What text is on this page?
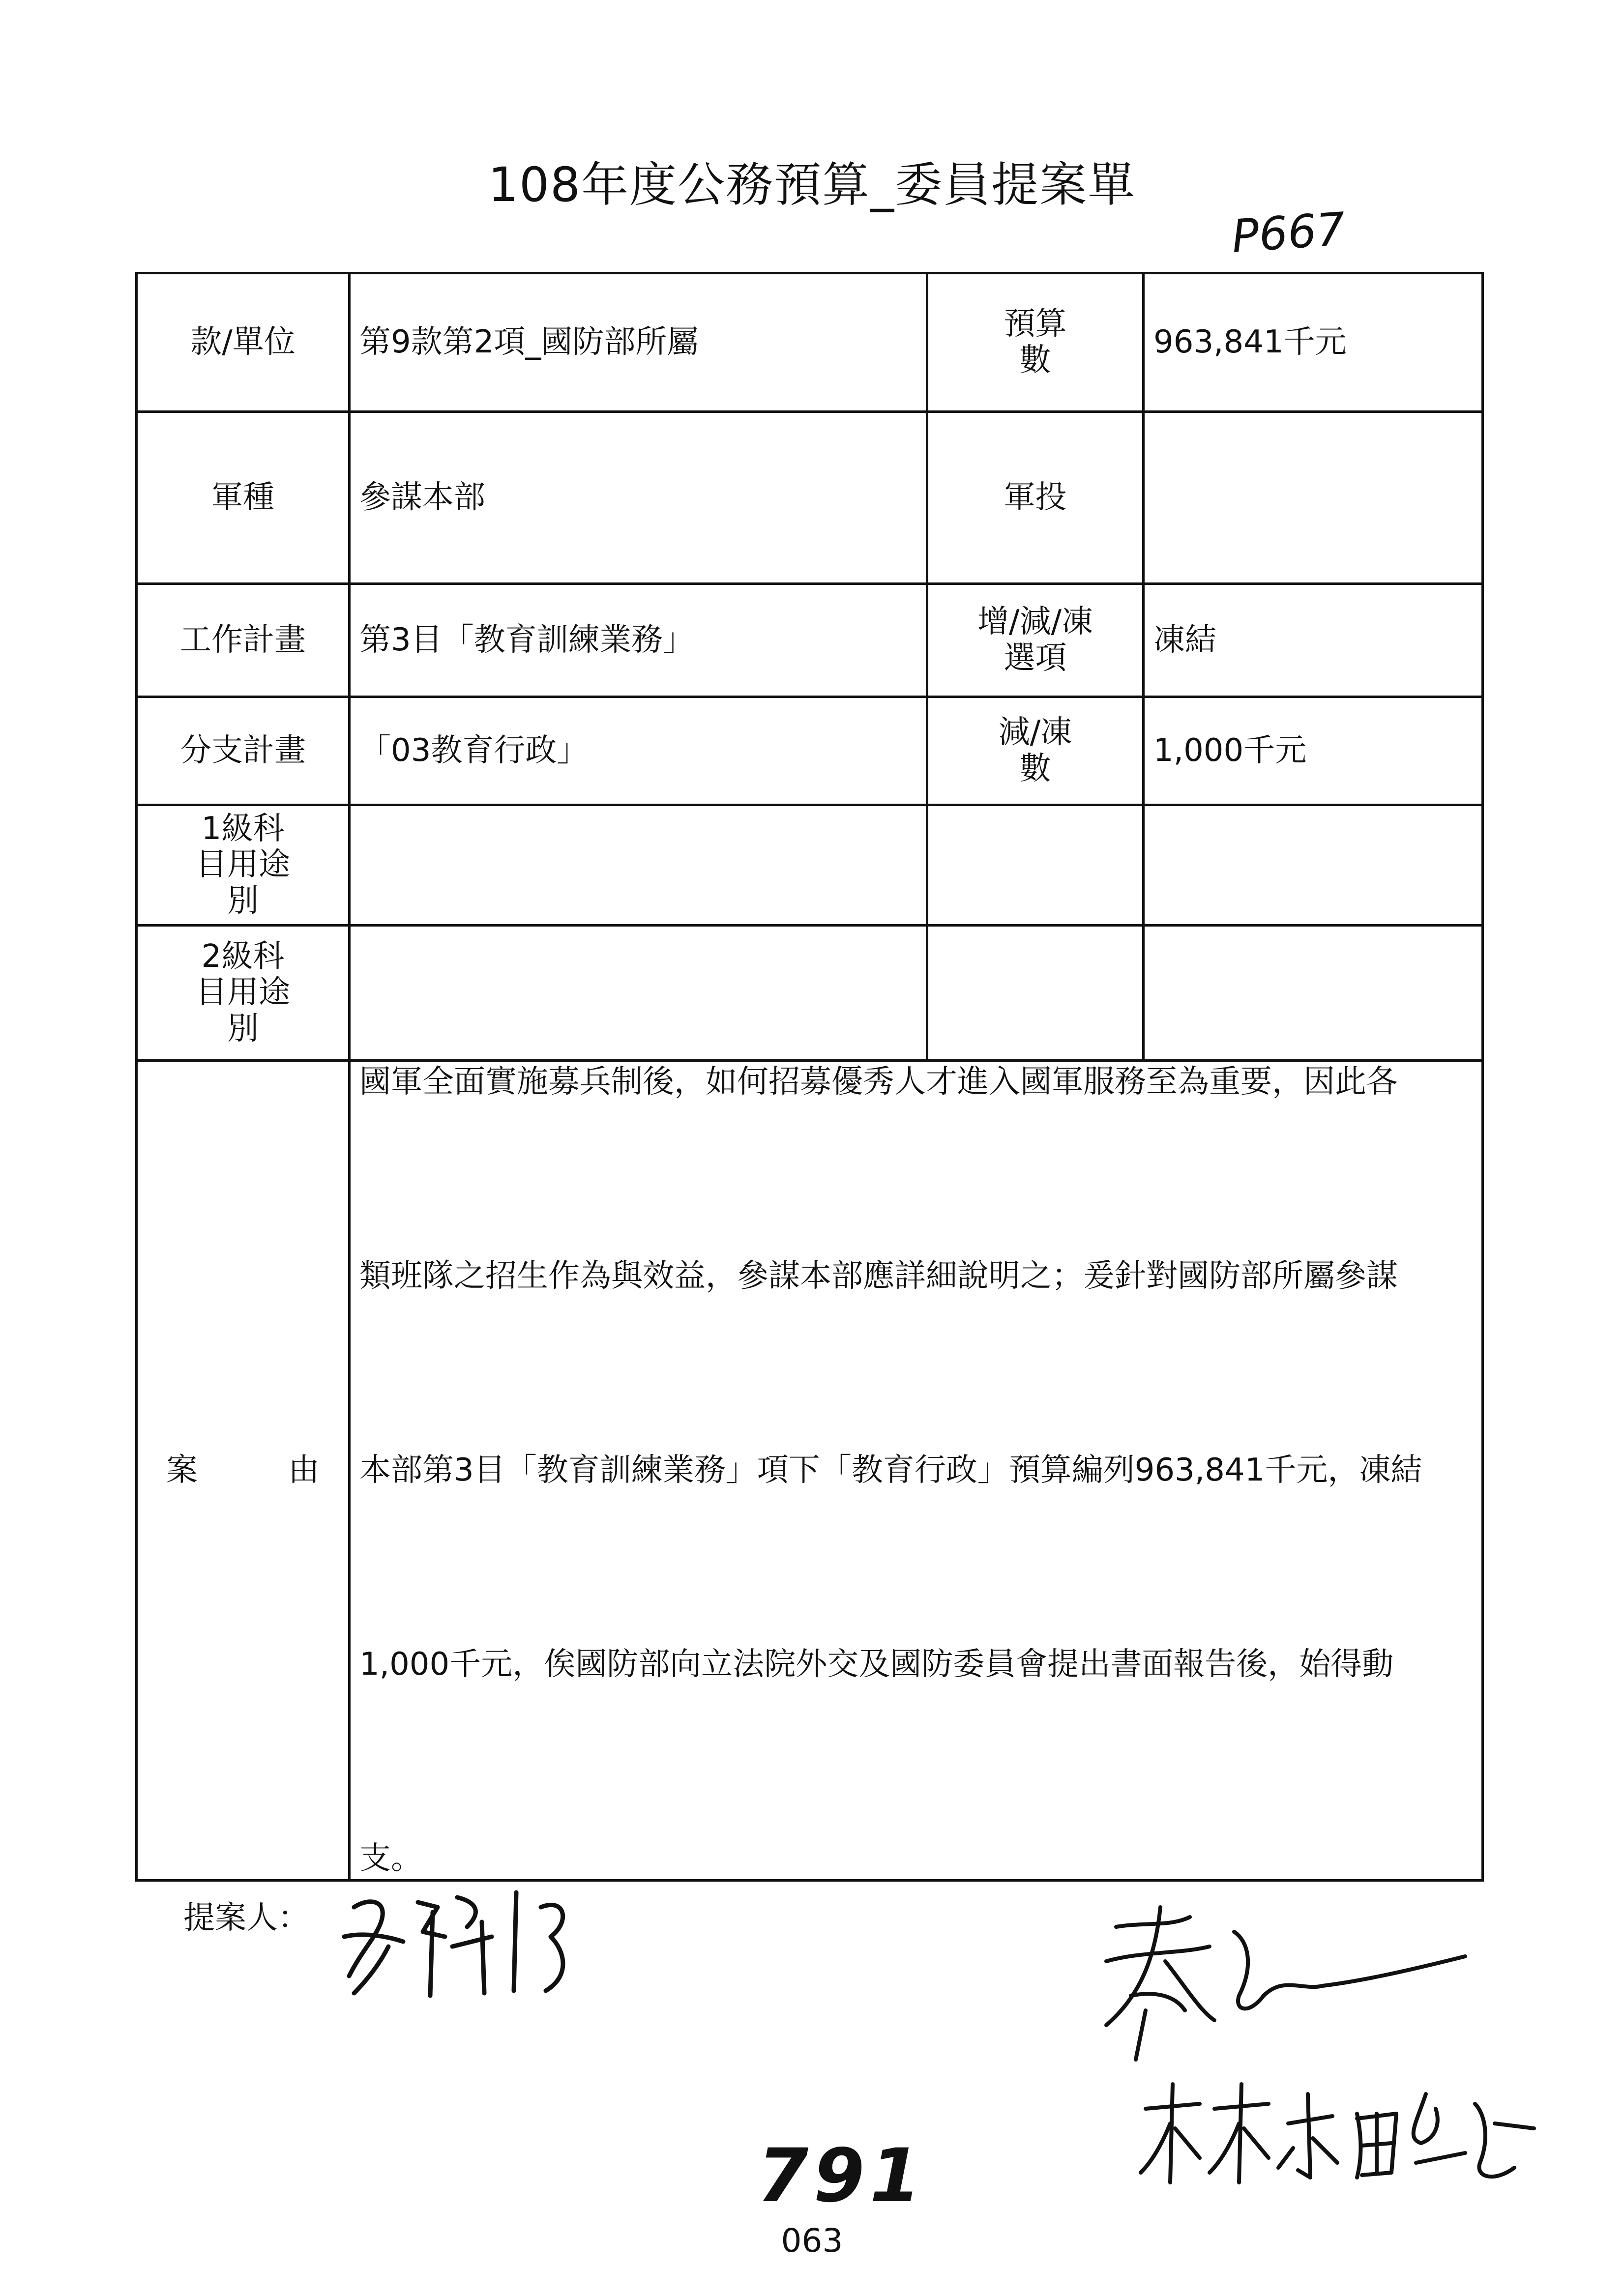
108年度公務預算_委員提案單
P667
款/單位	第9款第2項_國防部所屬	預算數	963,841千元
軍種	參謀本部	軍投	
工作計畫	第3目「教育訓練業務」	增/減/凍選項	凍結
分支計畫	「03教育行政」	減/凍數	1,000千元

1級科目用途別			

2級科目用途別			

案由	國軍全面實施募兵制後，如何招募優秀人才進入國軍服務至為重要，因此各

類班隊之招生作為與效益，參謀本部應詳細說明之；爰針對國防部所屬參謀

本部第3目「教育訓練業務」項下「教育行政」預算編列963,841千元，凍結

1,000千元，俟國防部向立法院外交及國防委員會提出書面報告後，始得動

支。		

提案人：
791
063
